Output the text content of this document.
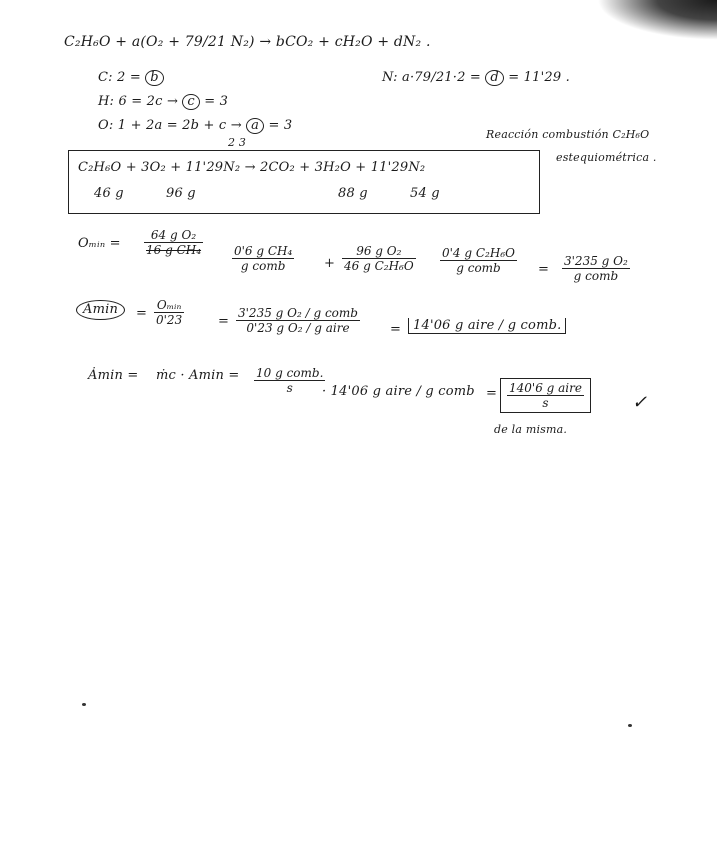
C₂H₆O + a(O₂ + 79/21 N₂) → bCO₂ + cH₂O + dN₂ .
C: 2 = b	N: a·79/21·2 = d = 11'29 .
H: 6 = 2c → c = 3
O: 1 + 2a = 2b + c → a = 3
2 3
Reacción combustión C₂H₆O
estequiométrica .
C₂H₆O + 3O₂ + 11'29N₂ → 2CO₂ + 3H₂O + 11'29N₂
46 g	96 g	88 g	54 g
Oₘᵢₙ = $\frac{\text{64 g O₂}}{\text{16 g CH₄}}$	0'6 g CH₄
g comb	+ $\frac{\text{96 g O₂}}{\text{46 g C₂H₆O}} 0'4$ g C₂H₆O
g comb	=
3'235 g O₂
g comb
Amin	=
Oₘᵢₙ
0'23	=
3'235 g O₂ / g comb
0'23 g O₂ / g aire	= 14'06 g aire / g comb.
Ȧmin = ṁc · Amin = 10 g comb.
s	· 14'06 g aire / g comb = 140'6 g aire
s	✓
de la misma.
